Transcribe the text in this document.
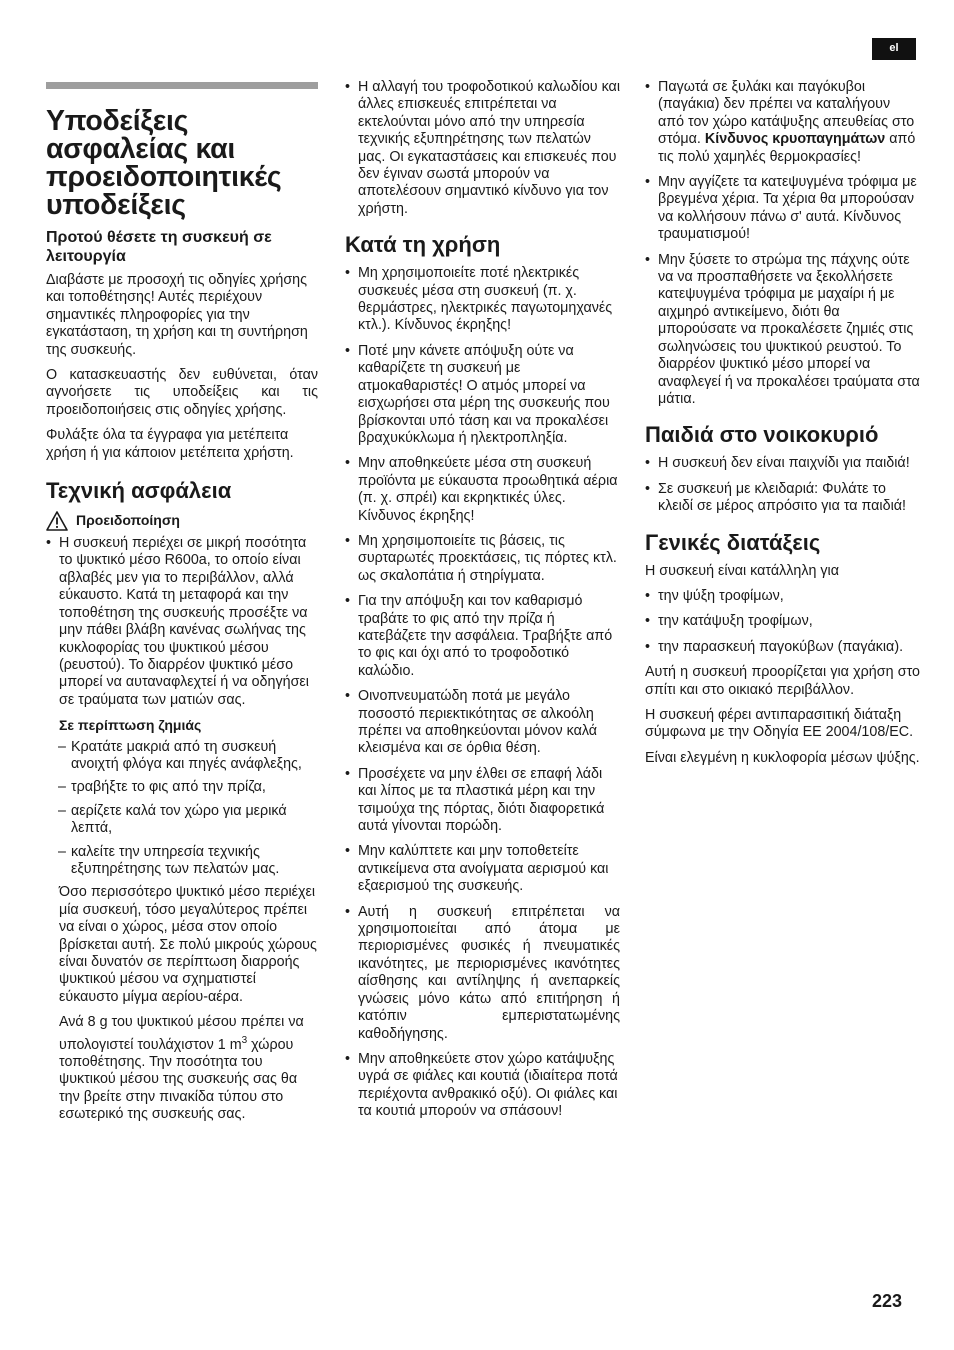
el
Υποδείξεις ασφαλείας και προειδοποιητικές υποδείξεις
Προτού θέσετε τη συσκευή σε λειτουργία

Διαβάστε με προσοχή τις οδηγίες χρήσης και τοποθέτησης! Αυτές περιέχουν σημαντικές πληροφορίες για την εγκατάσταση, τη χρήση και τη συντήρηση της συσκευής.

Ο κατασκευαστής δεν ευθύνεται, όταν αγνοήσετε τις υποδείξεις και τις προειδοποιήσεις στις οδηγίες χρήσης.

Φυλάξτε όλα τα έγγραφα για μετέπειτα χρήση ή για κάποιον μετέπειτα χρήστη.

Τεχνική ασφάλεια
Προειδοποίηση
• Η συσκευή περιέχει σε μικρή ποσότητα το ψυκτικό μέσο R600a, το οποίο είναι αβλαβές μεν για το περιβάλλον, αλλά εύκαυστο. Κατά τη μεταφορά και την τοποθέτηση της συσκευής προσέξτε να μην πάθει βλάβη κανένας σωλήνας της κυκλοφορίας του ψυκτικού μέσου (ρευστού). Το διαρρέον ψυκτικό μέσο μπορεί να αυταναφλεχτεί ή να οδηγήσει σε τραύματα των ματιών σας.
Σε περίπτωση ζημιάς
– Κρατάτε μακριά από τη συσκευή ανοιχτή φλόγα και πηγές ανάφλεξης,
– τραβήξτε το φις από την πρίζα,
– αερίζετε καλά τον χώρο για μερικά λεπτά,
– καλείτε την υπηρεσία τεχνικής εξυπηρέτησης των πελατών μας.

Όσο περισσότερο ψυκτικό μέσο περιέχει μία συσκευή, τόσο μεγαλύτερος πρέπει να είναι ο χώρος, μέσα στον οποίο βρίσκεται αυτή. Σε πολύ μικρούς χώρους είναι δυνατόν σε περίπτωση διαρροής ψυκτικού μέσου να σχηματιστεί εύκαυστο μίγμα αερίου-αέρα.

Ανά 8 g του ψυκτικού μέσου πρέπει να υπολογιστεί τουλάχιστον 1 $m^3$ χώρου τοποθέτησης. Την ποσότητα του ψυκτικού μέσου της συσκευής σας θα την βρείτε στην πινακίδα τύπου στο εσωτερικό της συσκευής σας.

• Η αλλαγή του τροφοδοτικού καλωδίου και άλλες επισκευές επιτρέπεται να εκτελούνται μόνο από την υπηρεσία τεχνικής εξυπηρέτησης των πελατών μας. Οι εγκαταστάσεις και επισκευές που δεν έγιναν σωστά μπορούν να αποτελέσουν σημαντικό κίνδυνο για τον χρήστη.
Κατά τη χρήση
• Μη χρησιμοποιείτε ποτέ ηλεκτρικές συσκευές μέσα στη συσκευή (π. χ. θερμάστρες, ηλεκτρικές παγωτομηχανές κτλ.). Κίνδυνος έκρηξης!
• Ποτέ μην κάνετε απόψυξη ούτε να καθαρίζετε τη συσκευή με ατμοκαθαριστές! Ο ατμός μπορεί να εισχωρήσει στα μέρη της συσκευής που βρίσκονται υπό τάση και να προκαλέσει βραχυκύκλωμα ή ηλεκτροπληξία.
• Μην αποθηκεύετε μέσα στη συσκευή προϊόντα με εύκαυστα προωθητικά αέρια (π. χ. σπρέι) και εκρηκτικές ύλες. Κίνδυνος έκρηξης!
• Μη χρησιμοποιείτε τις βάσεις, τις συρταρωτές προεκτάσεις, τις πόρτες κτλ. ως σκαλοπάτια ή στηρίγματα.
• Για την απόψυξη και τον καθαρισμό τραβάτε το φις από την πρίζα ή κατεβάζετε την ασφάλεια. Τραβήξτε από το φις και όχι από το τροφοδοτικό καλώδιο.
• Οινοπνευματώδη ποτά με μεγάλο ποσοστό περιεκτικότητας σε αλκοόλη πρέπει να αποθηκεύονται μόνον καλά κλεισμένα και σε όρθια θέση.
• Προσέχετε να μην έλθει σε επαφή λάδι και λίπος με τα πλαστικά μέρη και την τσιμούχα της πόρτας, διότι διαφορετικά αυτά γίνονται πορώδη.
• Μην καλύπτετε και μην τοποθετείτε αντικείμενα στα ανοίγματα αερισμού και εξαερισμού της συσκευής.
• Αυτή η συσκευή επιτρέπεται να χρησιμοποιείται από άτομα με περιορισμένες φυσικές ή πνευματικές ικανότητες, με περιορισμένες ικανότητες αίσθησης και αντίληψης ή ανεπαρκείς γνώσεις μόνο κάτω από επιτήρηση ή κατόπιν εμπεριστατωμένης καθοδήγησης.
• Μην αποθηκεύετε στον χώρο κατάψυξης υγρά σε φιάλες και κουτιά (ιδιαίτερα ποτά περιέχοντα ανθρακικό οξύ). Οι φιάλες και τα κουτιά μπορούν να σπάσουν!
• Παγωτά σε ξυλάκι και παγόκυβοι (παγάκια) δεν πρέπει να καταλήγουν από τον χώρο κατάψυξης απευθείας στο στόμα. Κίνδυνος κρυοπαγημάτων από τις πολύ χαμηλές θερμοκρασίες!
• Μην αγγίζετε τα κατεψυγμένα τρόφιμα με βρεγμένα χέρια. Τα χέρια θα μπορούσαν να κολλήσουν πάνω σ' αυτά. Κίνδυνος τραυματισμού!
• Μην ξύσετε το στρώμα της πάχνης ούτε να να προσπαθήσετε να ξεκολλήσετε κατεψυγμένα τρόφιμα με μαχαίρι ή με αιχμηρό αντικείμενο, διότι θα μπορούσατε να προκαλέσετε ζημιές στις σωληνώσεις του ψυκτικού ρευστού. Το διαρρέον ψυκτικό μέσο μπορεί να αναφλεγεί ή να προκαλέσει τραύματα στα μάτια.
Παιδιά στο νοικοκυριό
• Η συσκευή δεν είναι παιχνίδι για παιδιά!
• Σε συσκευή με κλειδαριά: Φυλάτε το κλειδί σε μέρος απρόσιτο για τα παιδιά!
Γενικές διατάξεις

Η συσκευή είναι κατάλληλη για

• την ψύξη τροφίμων,
• την κατάψυξη τροφίμων,
• την παρασκευή παγοκύβων (παγάκια).

Αυτή η συσκευή προορίζεται για χρήση στο σπίτι και στο οικιακό περιβάλλον.

Η συσκευή φέρει αντιπαρασιτική διάταξη σύμφωνα με την Οδηγία ΕΕ 2004/108/EC.

Είναι ελεγμένη η κυκλοφορία μέσων ψύξης.

223
